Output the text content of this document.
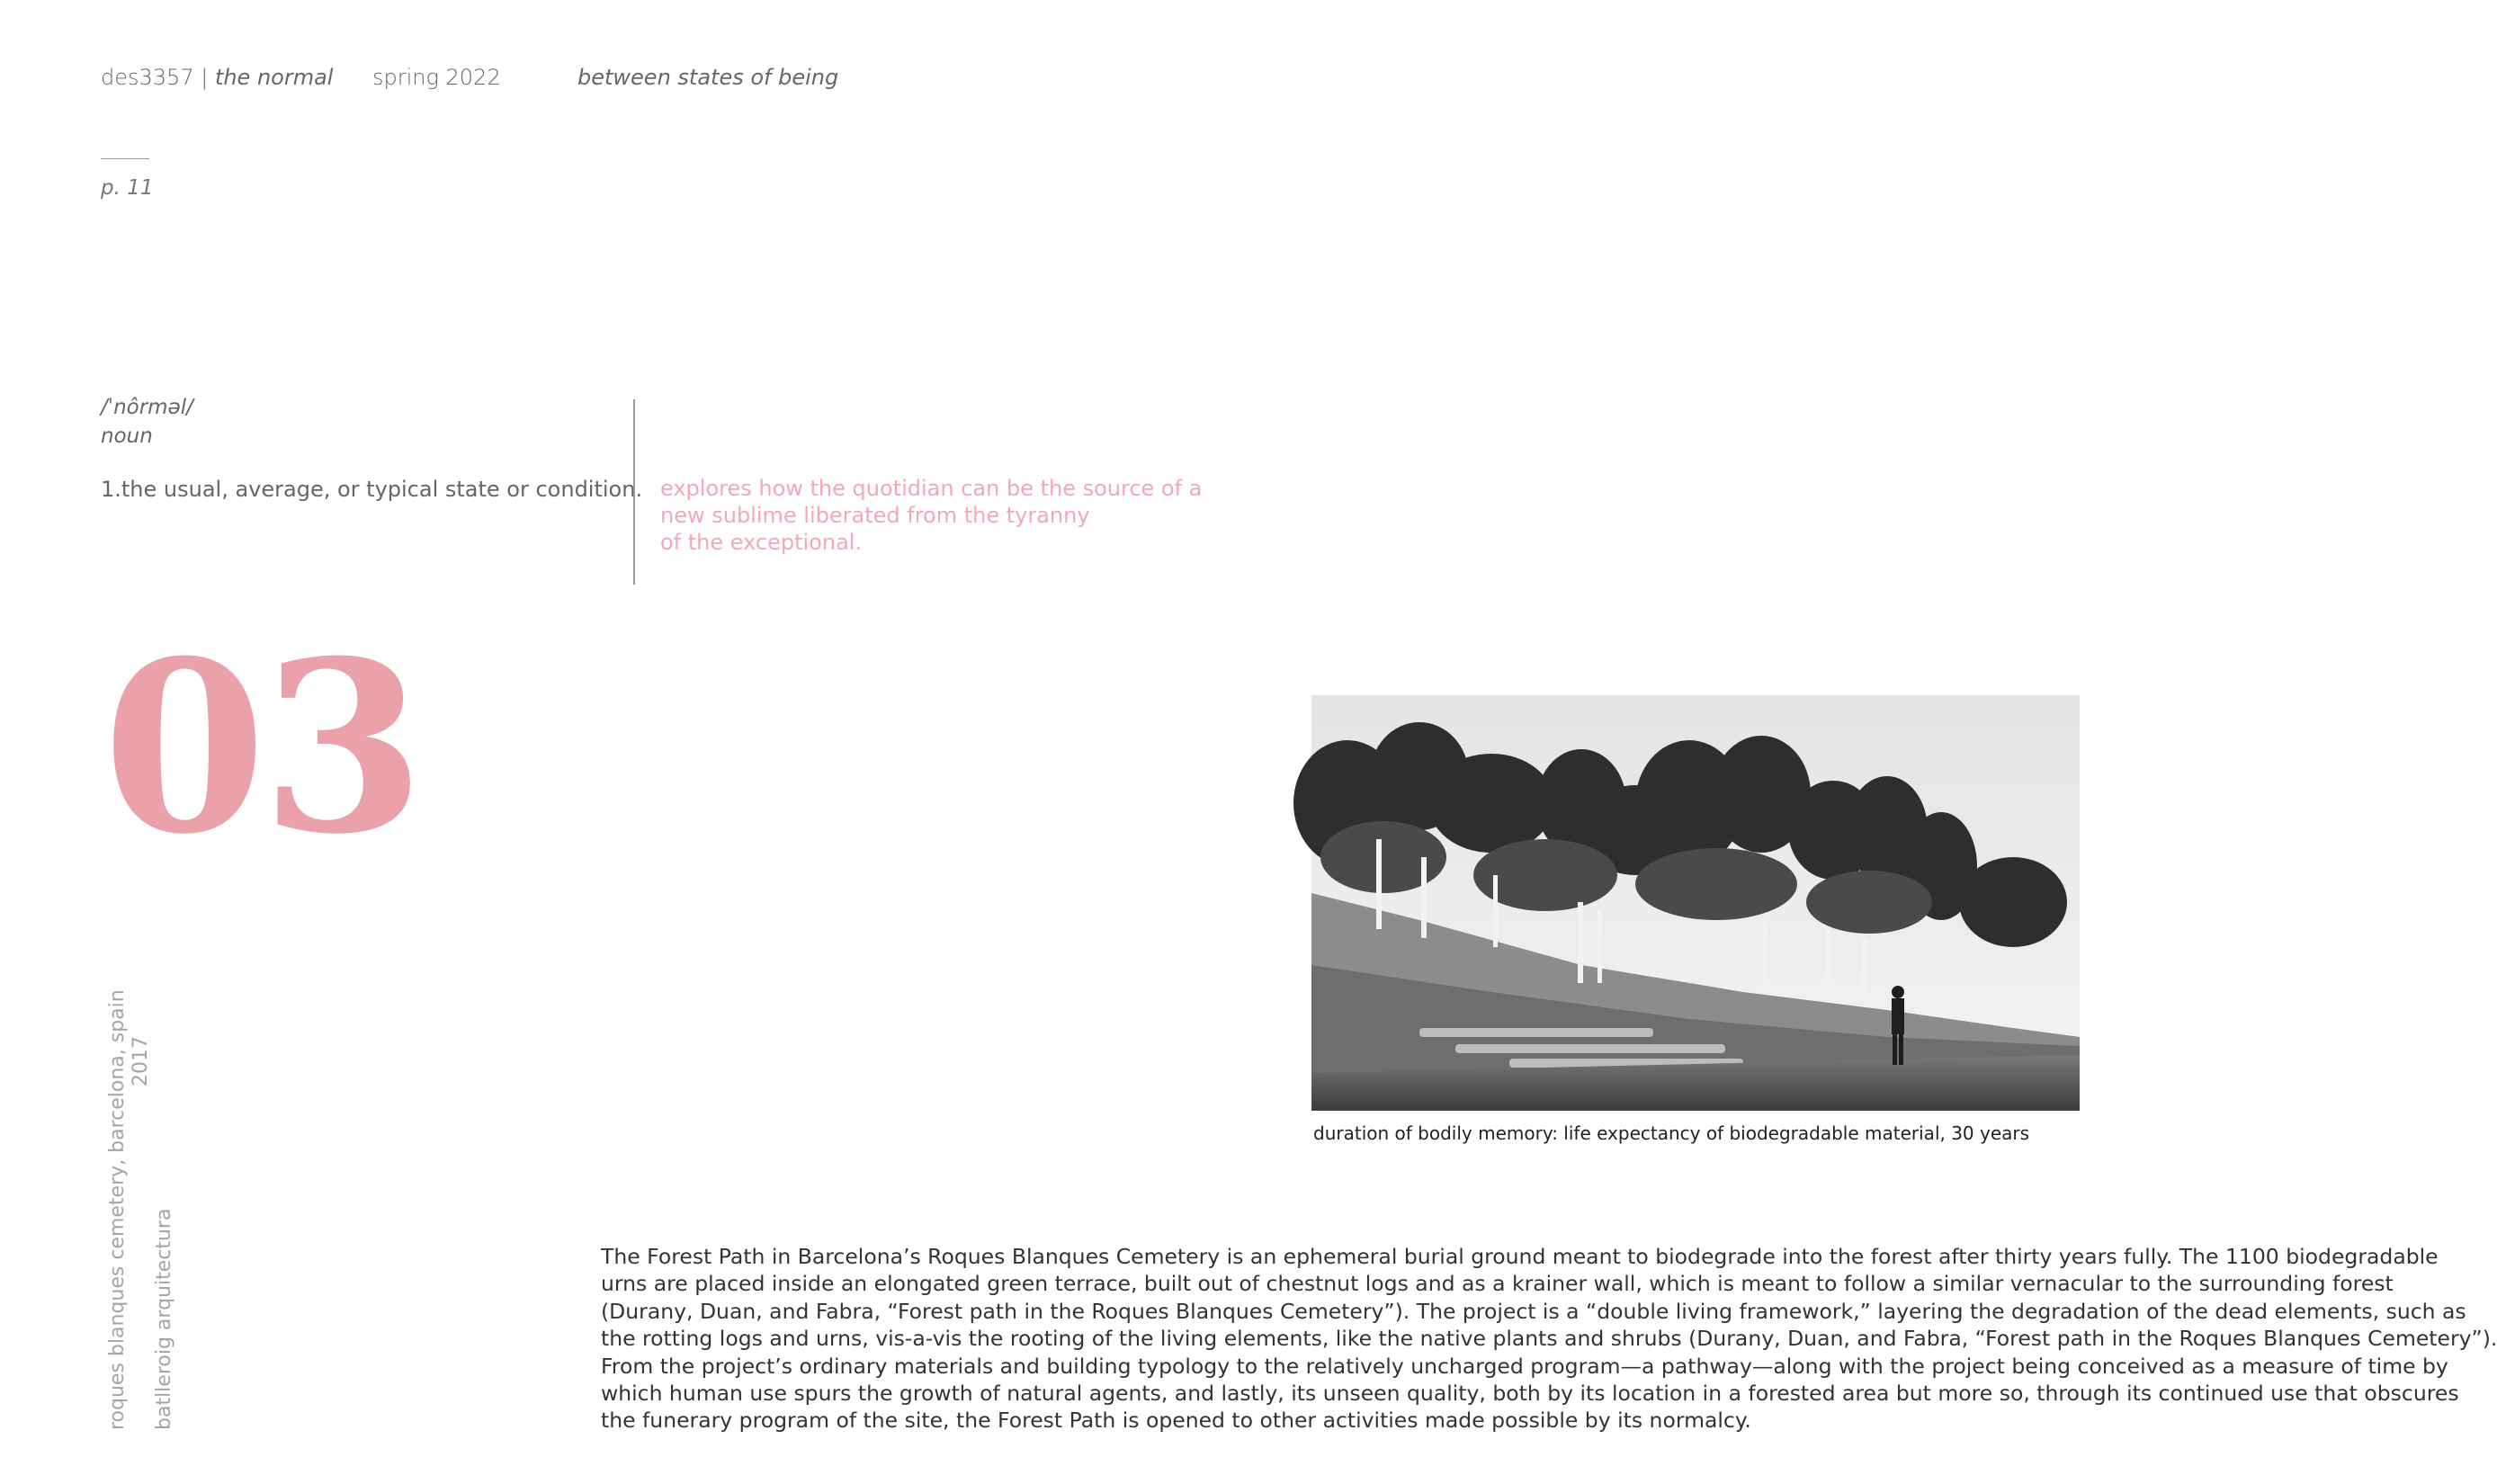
des3357 | the normal spring 2022	between states of being
p. 11
/ˈnôrməl/
noun
1.the usual, average, or typical state or condition. explores how the quotidian can be the source of a
new sublime liberated from the tyranny
of the exceptional.
03
roques blanques cemetery, barcelona, spain 2017
batlleroig arquitectura
duration of bodily memory: life expectancy of biodegradable material, 30 years
The Forest Path in Barcelona’s Roques Blanques Cemetery is an ephemeral burial ground meant to biodegrade into the forest after thirty years fully. The 1100 biodegradable
urns are placed inside an elongated green terrace, built out of chestnut logs and as a krainer wall, which is meant to follow a similar vernacular to the surrounding forest
(Durany, Duan, and Fabra, “Forest path in the Roques Blanques Cemetery”). The project is a “double living framework,” layering the degradation of the dead elements, such as
the rotting logs and urns, vis-a-vis the rooting of the living elements, like the native plants and shrubs (Durany, Duan, and Fabra, “Forest path in the Roques Blanques Cemetery”).
From the project’s ordinary materials and building typology to the relatively uncharged program—a pathway—along with the project being conceived as a measure of time by
which human use spurs the growth of natural agents, and lastly, its unseen quality, both by its location in a forested area but more so, through its continued use that obscures
the funerary program of the site, the Forest Path is opened to other activities made possible by its normalcy.
